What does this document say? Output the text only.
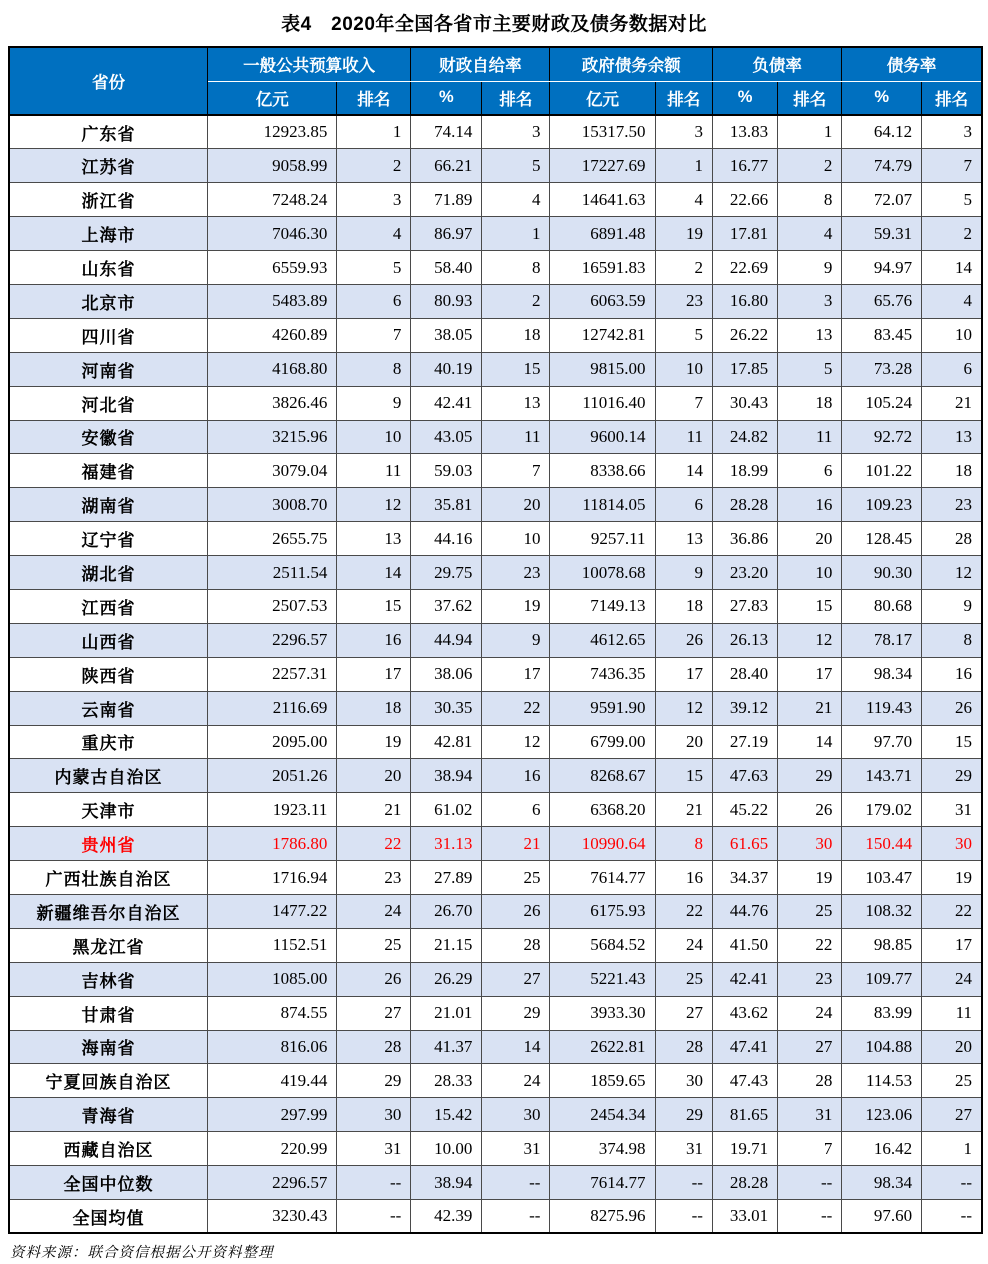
表4　2020年全国各省市主要财政及债务数据对比
省份	一般公共预算收入		财政自给率		政府债务余额		负债率		债务率	
	亿元	排名	%	排名	亿元	排名	%	排名	%	排名
广东省	12923.85	1	74.14	3	15317.50	3	13.83	1	64.12	3
江苏省	9058.99	2	66.21	5	17227.69	1	16.77	2	74.79	7
浙江省	7248.24	3	71.89	4	14641.63	4	22.66	8	72.07	5
上海市	7046.30	4	86.97	1	6891.48	19	17.81	4	59.31	2
山东省	6559.93	5	58.40	8	16591.83	2	22.69	9	94.97	14
北京市	5483.89	6	80.93	2	6063.59	23	16.80	3	65.76	4
四川省	4260.89	7	38.05	18	12742.81	5	26.22	13	83.45	10
河南省	4168.80	8	40.19	15	9815.00	10	17.85	5	73.28	6
河北省	3826.46	9	42.41	13	11016.40	7	30.43	18	105.24	21
安徽省	3215.96	10	43.05	11	9600.14	11	24.82	11	92.72	13
福建省	3079.04	11	59.03	7	8338.66	14	18.99	6	101.22	18
湖南省	3008.70	12	35.81	20	11814.05	6	28.28	16	109.23	23
辽宁省	2655.75	13	44.16	10	9257.11	13	36.86	20	128.45	28
湖北省	2511.54	14	29.75	23	10078.68	9	23.20	10	90.30	12
江西省	2507.53	15	37.62	19	7149.13	18	27.83	15	80.68	9
山西省	2296.57	16	44.94	9	4612.65	26	26.13	12	78.17	8
陕西省	2257.31	17	38.06	17	7436.35	17	28.40	17	98.34	16
云南省	2116.69	18	30.35	22	9591.90	12	39.12	21	119.43	26
重庆市	2095.00	19	42.81	12	6799.00	20	27.19	14	97.70	15
内蒙古自治区	2051.26	20	38.94	16	8268.67	15	47.63	29	143.71	29
天津市	1923.11	21	61.02	6	6368.20	21	45.22	26	179.02	31
贵州省	1786.80	22	31.13	21	10990.64	8	61.65	30	150.44	30
广西壮族自治区	1716.94	23	27.89	25	7614.77	16	34.37	19	103.47	19
新疆维吾尔自治区	1477.22	24	26.70	26	6175.93	22	44.76	25	108.32	22
黑龙江省	1152.51	25	21.15	28	5684.52	24	41.50	22	98.85	17
吉林省	1085.00	26	26.29	27	5221.43	25	42.41	23	109.77	24
甘肃省	874.55	27	21.01	29	3933.30	27	43.62	24	83.99	11
海南省	816.06	28	41.37	14	2622.81	28	47.41	27	104.88	20
宁夏回族自治区	419.44	29	28.33	24	1859.65	30	47.43	28	114.53	25
青海省	297.99	30	15.42	30	2454.34	29	81.65	31	123.06	27
西藏自治区	220.99	31	10.00	31	374.98	31	19.71	7	16.42	1
全国中位数	2296.57	--	38.94	--	7614.77	--	28.28	--	98.34	--
全国均值	3230.43	--	42.39	--	8275.96	--	33.01	--	97.60	--
资料来源：联合资信根据公开资料整理
